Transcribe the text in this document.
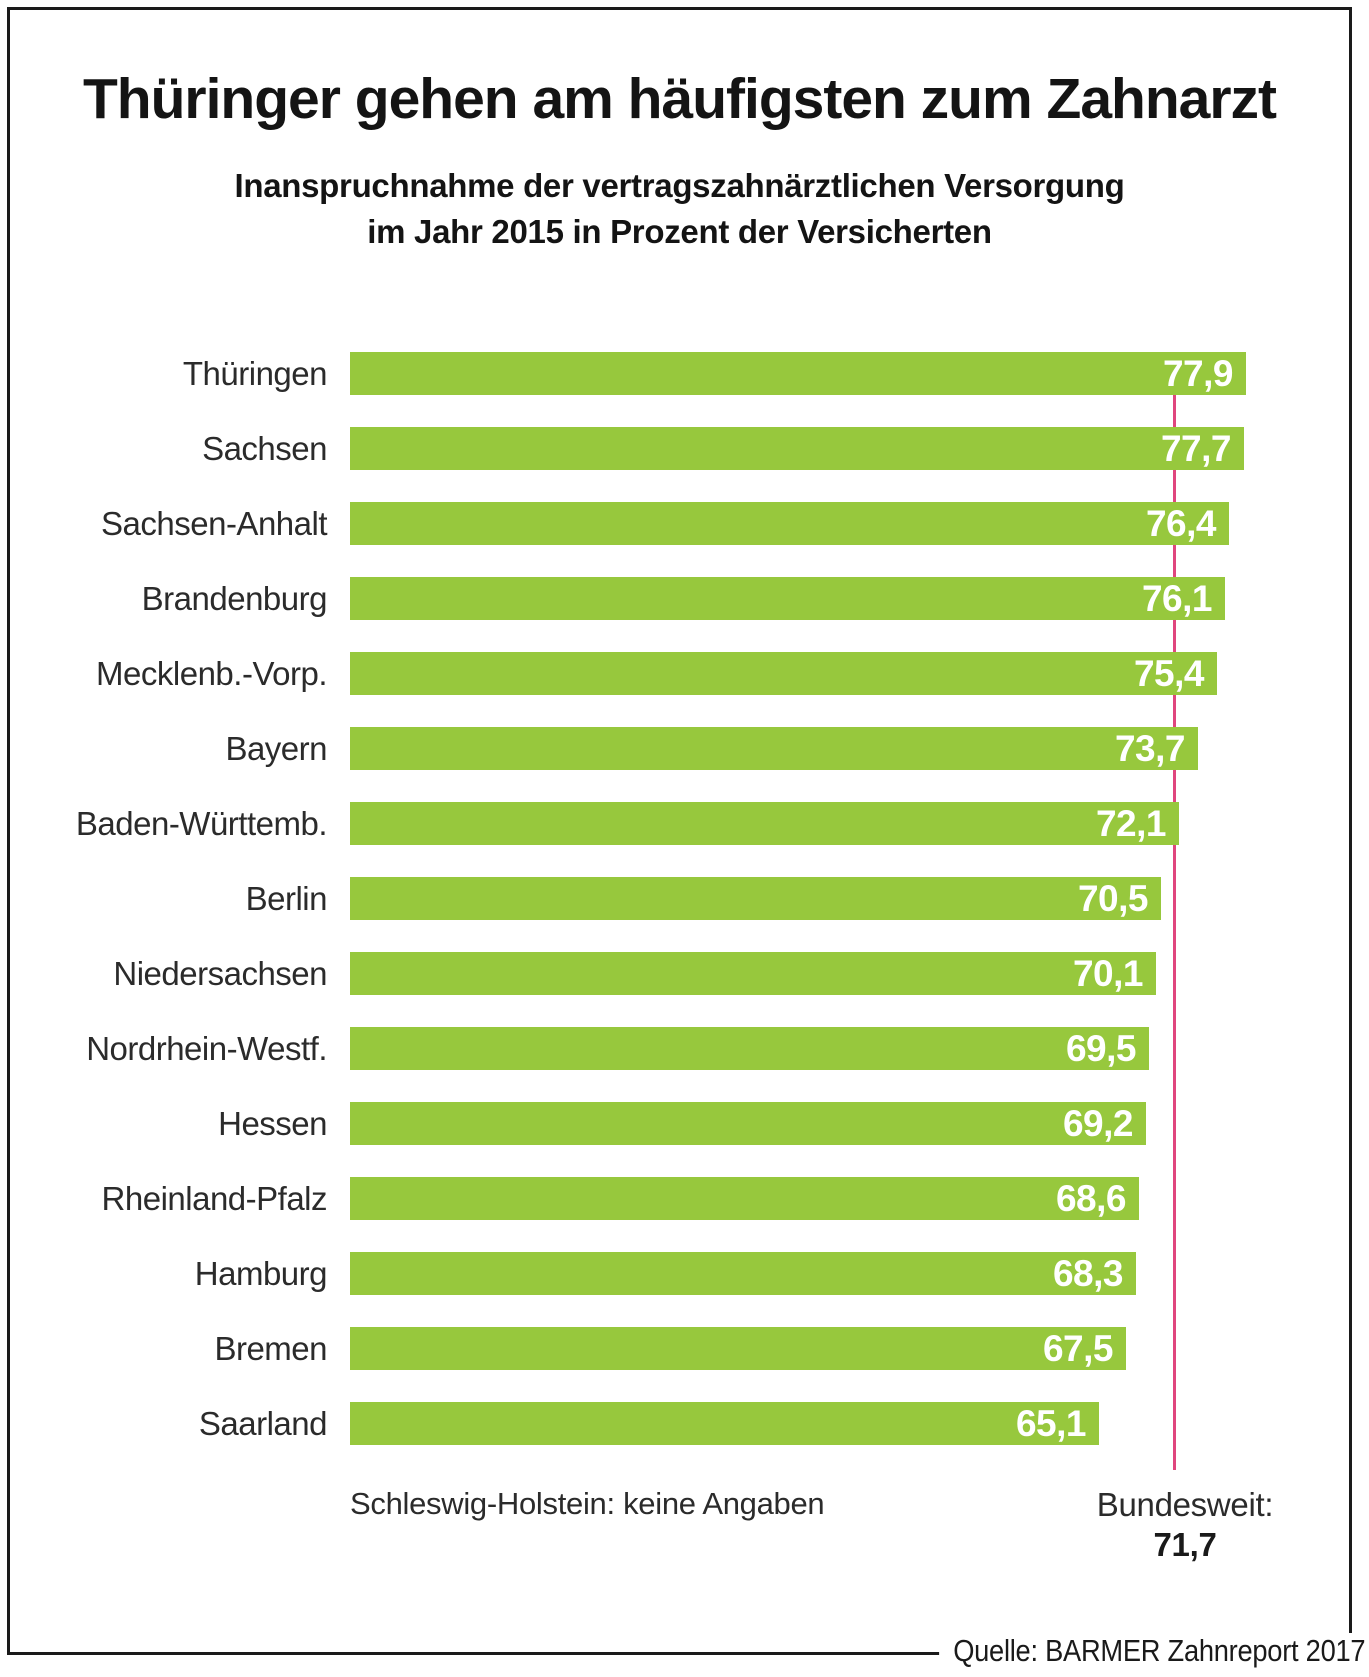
Thüringer gehen am häufigsten zum Zahnarzt
Inanspruchnahme der vertragszahnärztlichen Versorgung
im Jahr 2015 in Prozent der Versicherten
Thüringen	77,9
Sachsen	77,7
Sachsen-Anhalt	76,4
Brandenburg	76,1
Mecklenb.-Vorp.	75,4
Bayern	73,7
Baden-Württemb.	72,1
Berlin	70,5
Niedersachsen	70,1
Nordrhein-Westf.	69,5
Hessen	69,2
Rheinland-Pfalz	68,6
Hamburg	68,3
Bremen	67,5
Saarland	65,1
Schleswig-Holstein: keine Angaben	Bundesweit:
71,7
Quelle: BARMER Zahnreport 2017
